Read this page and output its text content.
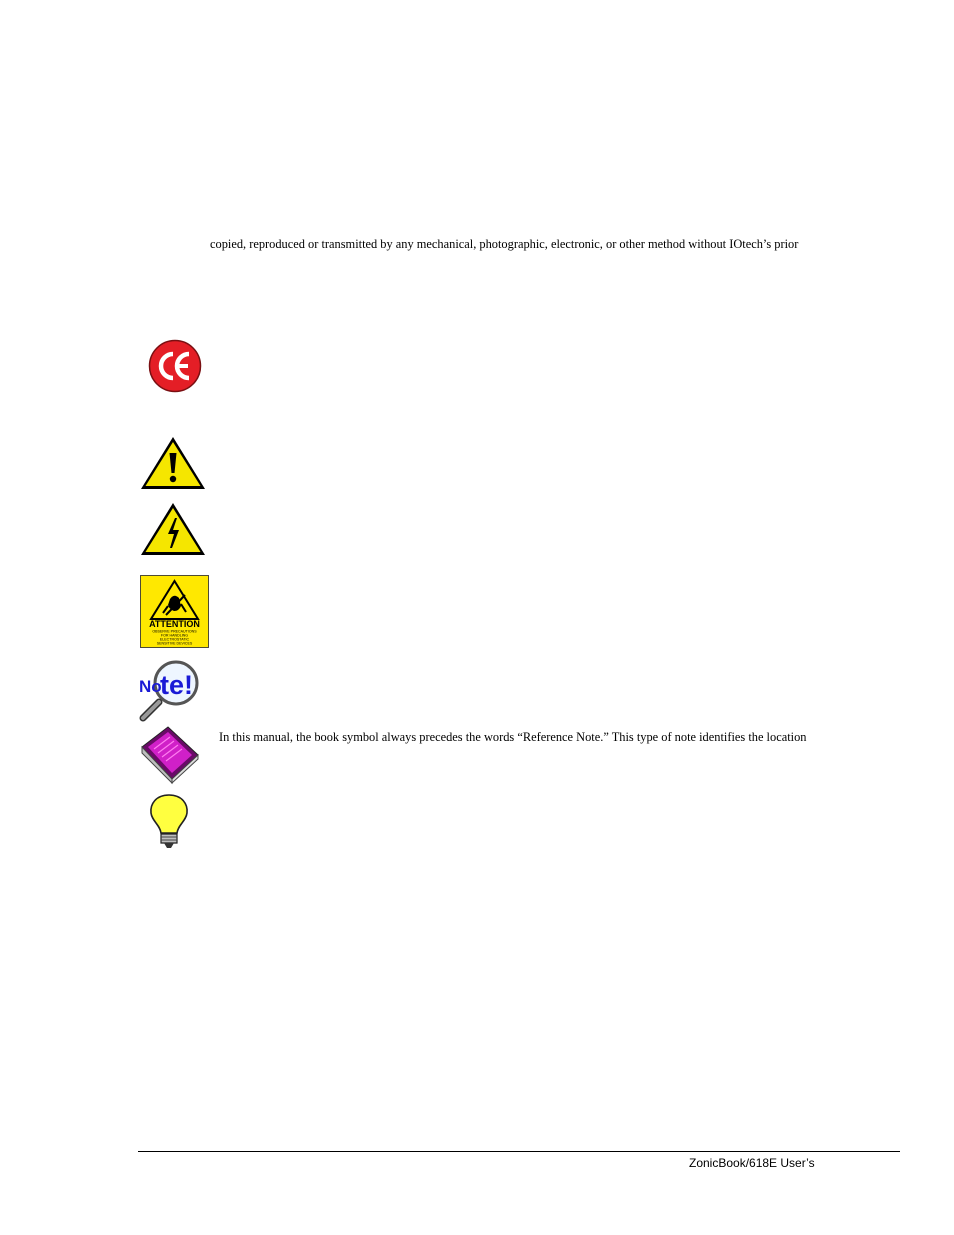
copied, reproduced or transmitted by any mechanical, photographic, electronic, or other method without IOtech’s prior
ATTENTION
OBSERVE PRECAUTIONS
FOR HANDLING
ELECTROSTATIC
SENSITIVE DEVICES
No
te!
In this manual, the book symbol always precedes the words “Reference Note.” This type of note identifies the location
ZonicBook/618E User’s
